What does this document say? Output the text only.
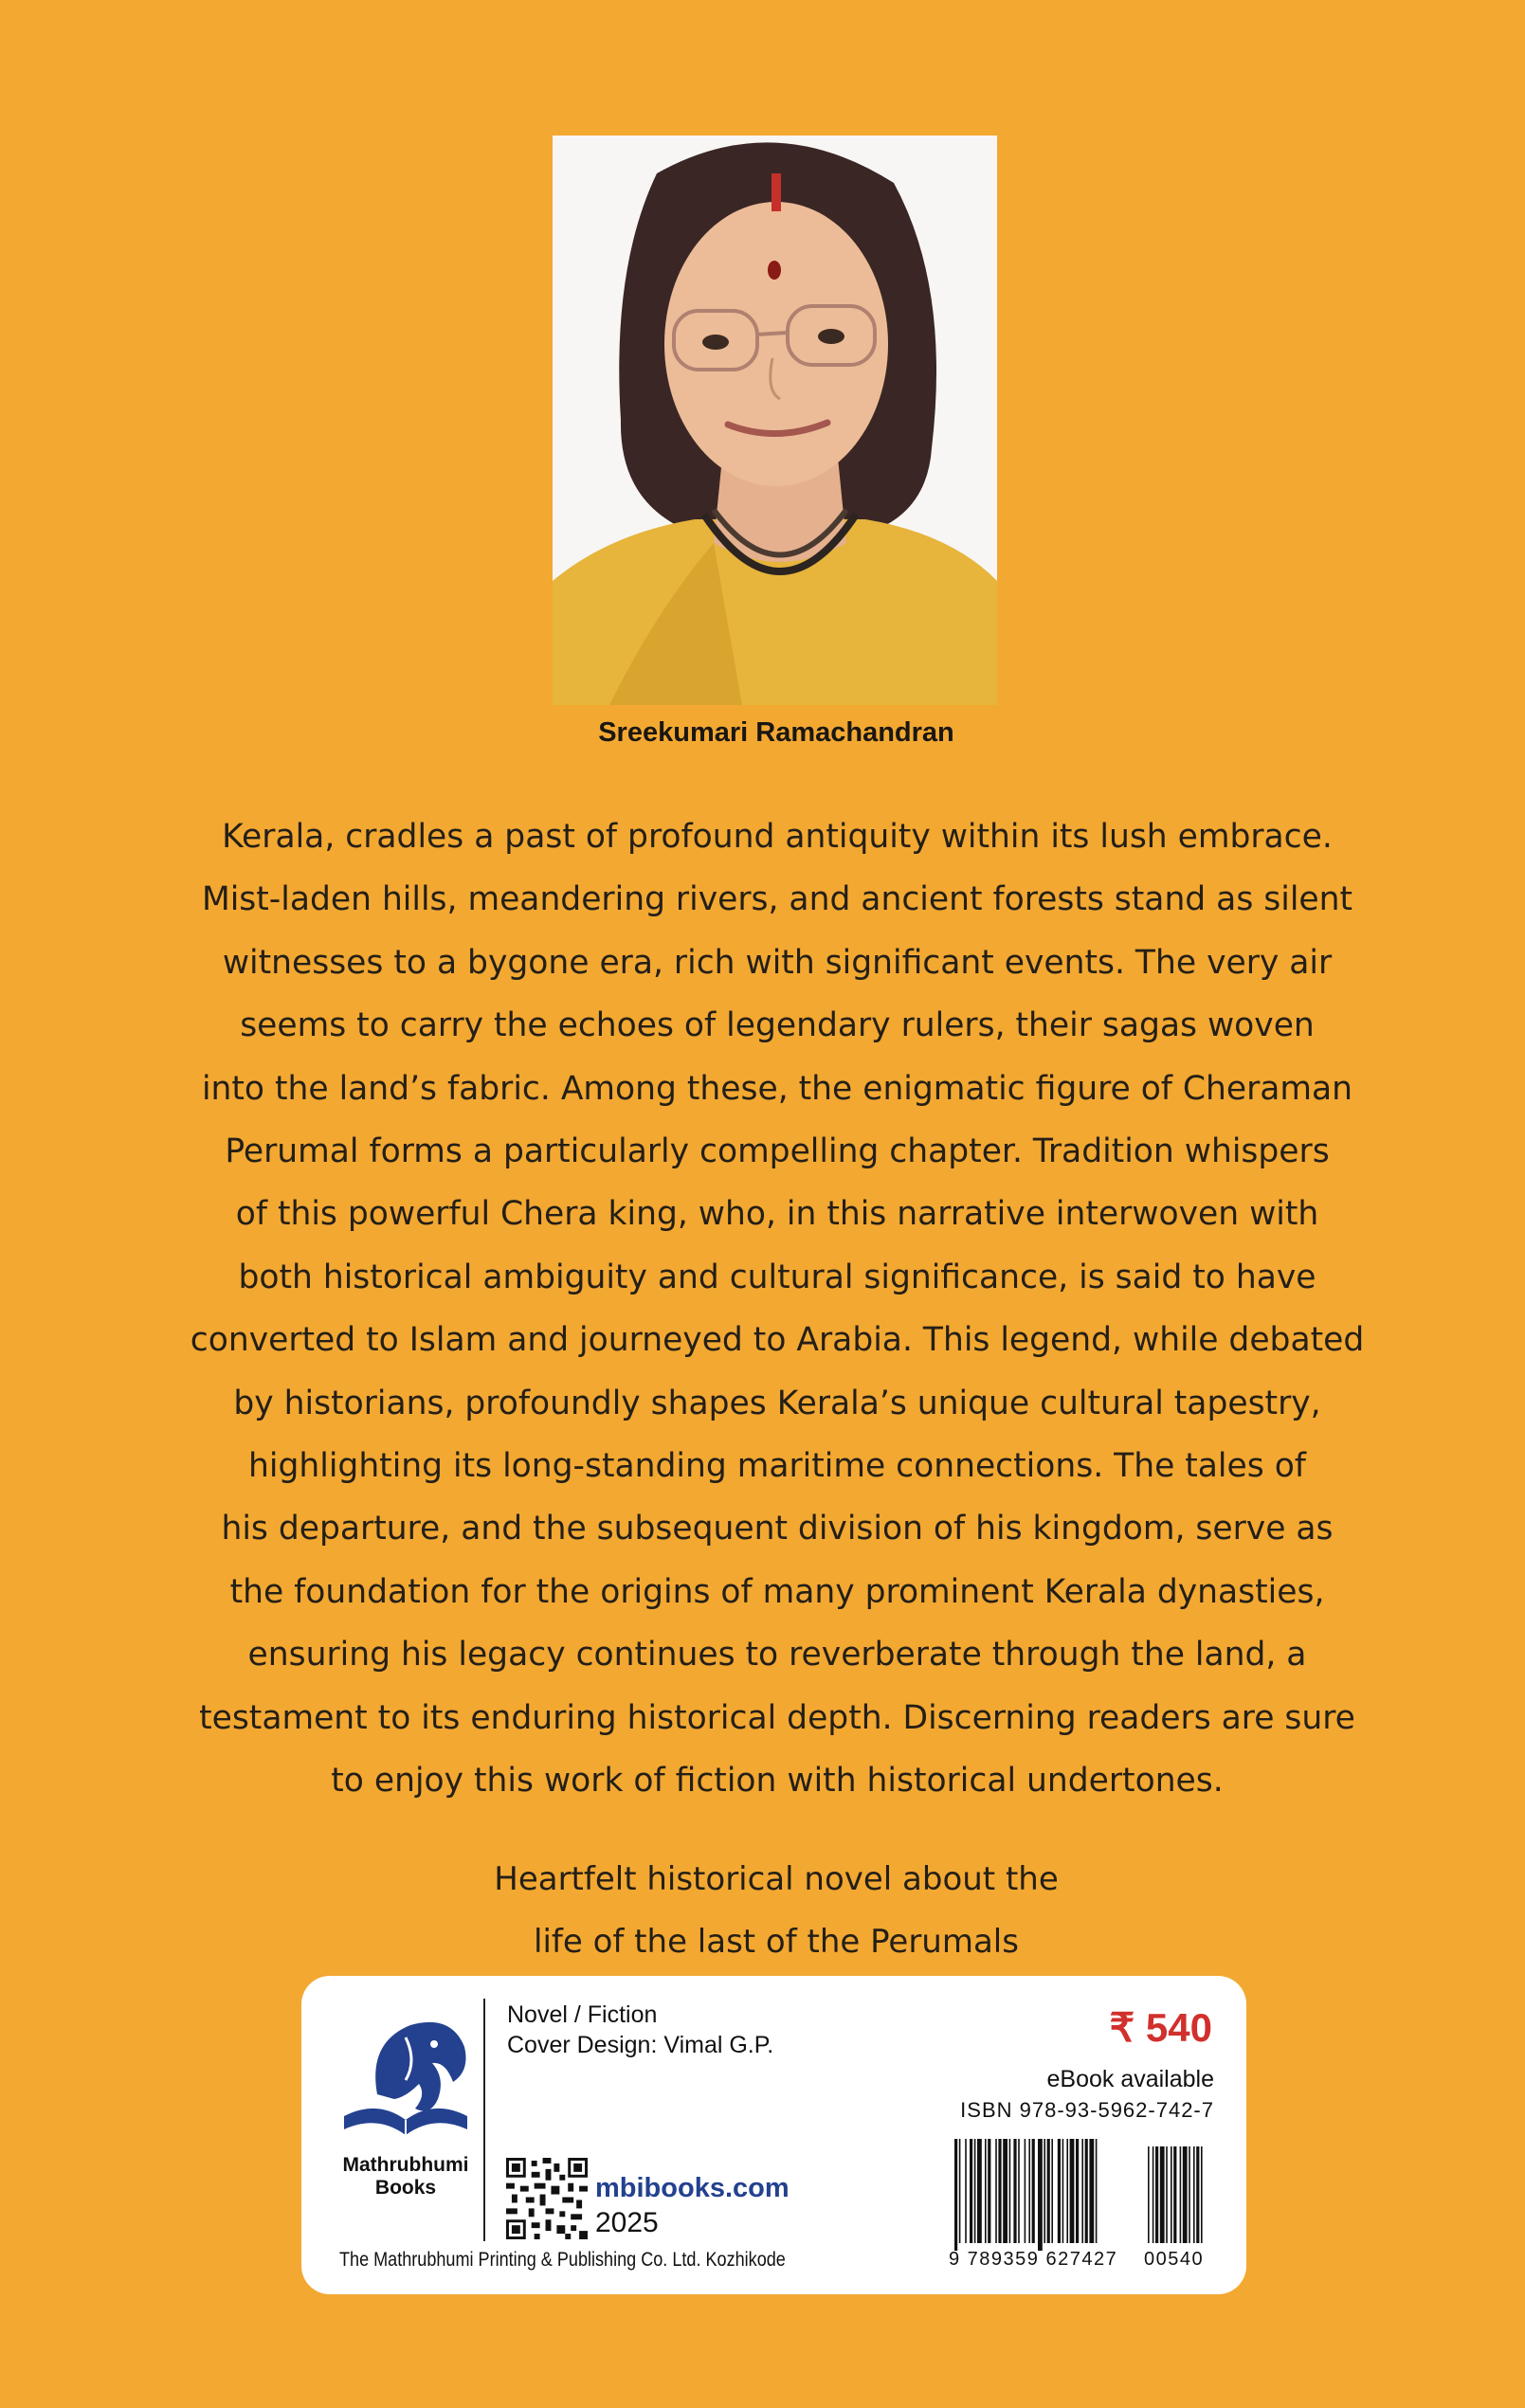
Sreekumari Ramachandran

Kerala, cradles a past of profound antiquity within its lush embrace.
Mist-laden hills, meandering rivers, and ancient forests stand as silent
witnesses to a bygone era, rich with significant events. The very air
seems to carry the echoes of legendary rulers, their sagas woven
into the land’s fabric. Among these, the enigmatic figure of Cheraman
Perumal forms a particularly compelling chapter. Tradition whispers
of this powerful Chera king, who, in this narrative interwoven with
both historical ambiguity and cultural significance, is said to have
converted to Islam and journeyed to Arabia. This legend, while debated
by historians, profoundly shapes Kerala’s unique cultural tapestry,
highlighting its long-standing maritime connections. The tales of
his departure, and the subsequent division of his kingdom, serve as
the foundation for the origins of many prominent Kerala dynasties,
ensuring his legacy continues to reverberate through the land, a
testament to its enduring historical depth. Discerning readers are sure
to enjoy this work of fiction with historical undertones.

Heartfelt historical novel about the
life of the last of the Perumals

Mathrubhumi
Books
Novel / Fiction
Cover Design: Vimal G.P.
mbibooks.com
2025
The Mathrubhumi Printing & Publishing Co. Ltd. Kozhikode
₹ 540
eBook available
ISBN 978-93-5962-742-7
9 789359 627427 00540
